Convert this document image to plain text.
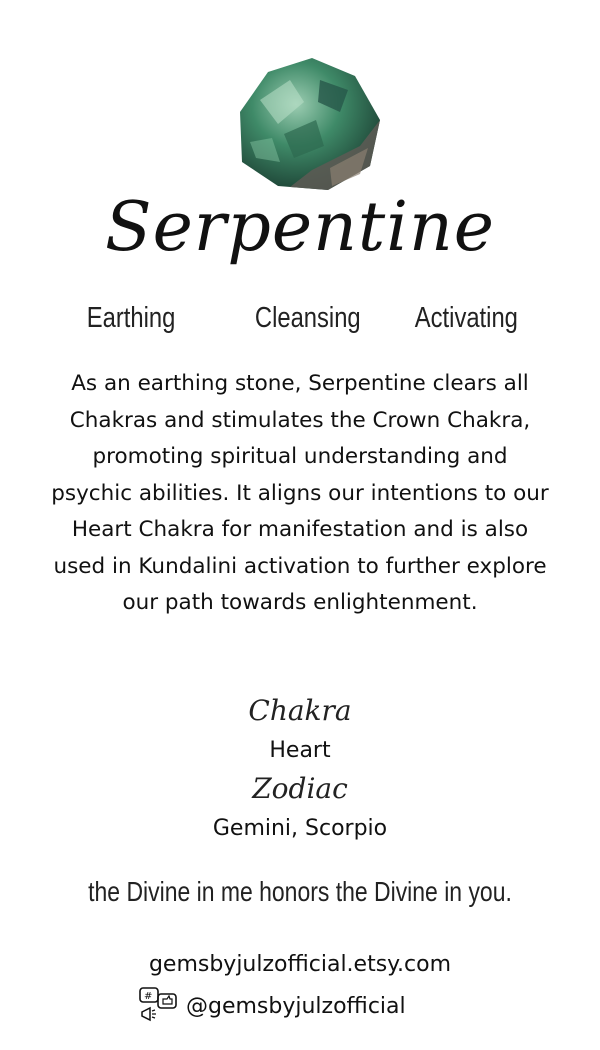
Serpentine
Earthing	Cleansing Activating
As an earthing stone, Serpentine clears all Chakras and stimulates the Crown Chakra, promoting spiritual understanding and psychic abilities. It aligns our intentions to our Heart Chakra for manifestation and is also used in Kundalini activation to further explore our path towards enlightenment.
Chakra
Heart
Zodiac
Gemini, Scorpio
the Divine in me honors the Divine in you.
gemsbyjulzofficial.etsy.com
# @gemsbyjulzofficial
